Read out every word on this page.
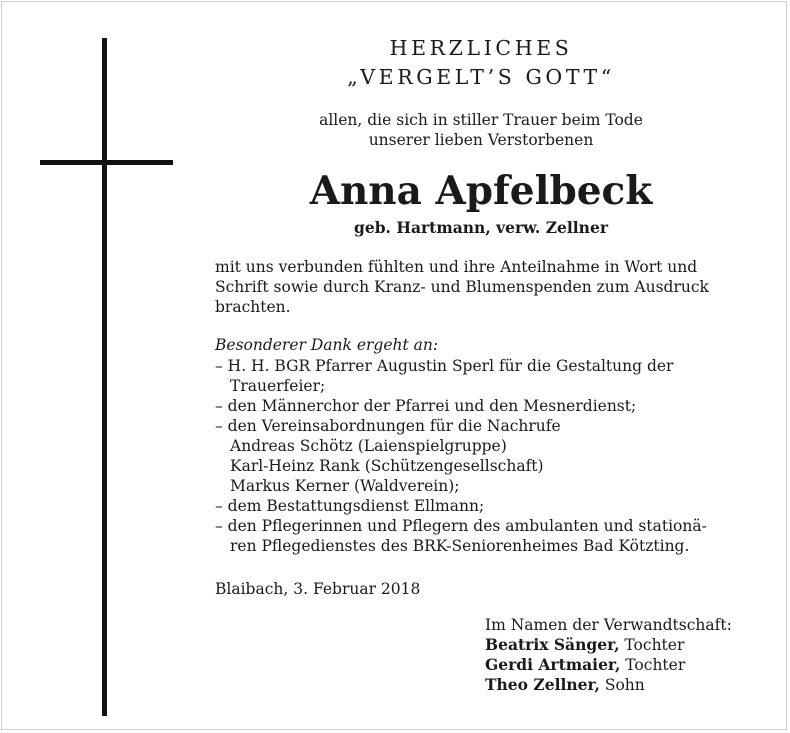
HERZLICHES
„VERGELT’S GOTT“
allen, die sich in stiller Trauer beim Tode
unserer lieben Verstorbenen
Anna Apfelbeck
geb. Hartmann, verw. Zellner
mit uns verbunden fühlten und ihre Anteilnahme in Wort und
Schrift sowie durch Kranz- und Blumenspenden zum Ausdruck
brachten.
Besonderer Dank ergeht an:
– H. H. BGR Pfarrer Augustin Sperl für die Gestaltung der
Trauerfeier;
– den Männerchor der Pfarrei und den Mesnerdienst;
– den Vereinsabordnungen für die Nachrufe
Andreas Schötz (Laienspielgruppe)
Karl-Heinz Rank (Schützengesellschaft)
Markus Kerner (Waldverein);
– dem Bestattungsdienst Ellmann;
– den Pflegerinnen und Pflegern des ambulanten und stationä-
ren Pflegedienstes des BRK-Seniorenheimes Bad Kötzting.
Blaibach, 3. Februar 2018
Im Namen der Verwandtschaft:
Beatrix Sänger, Tochter
Gerdi Artmaier, Tochter
Theo Zellner, Sohn
